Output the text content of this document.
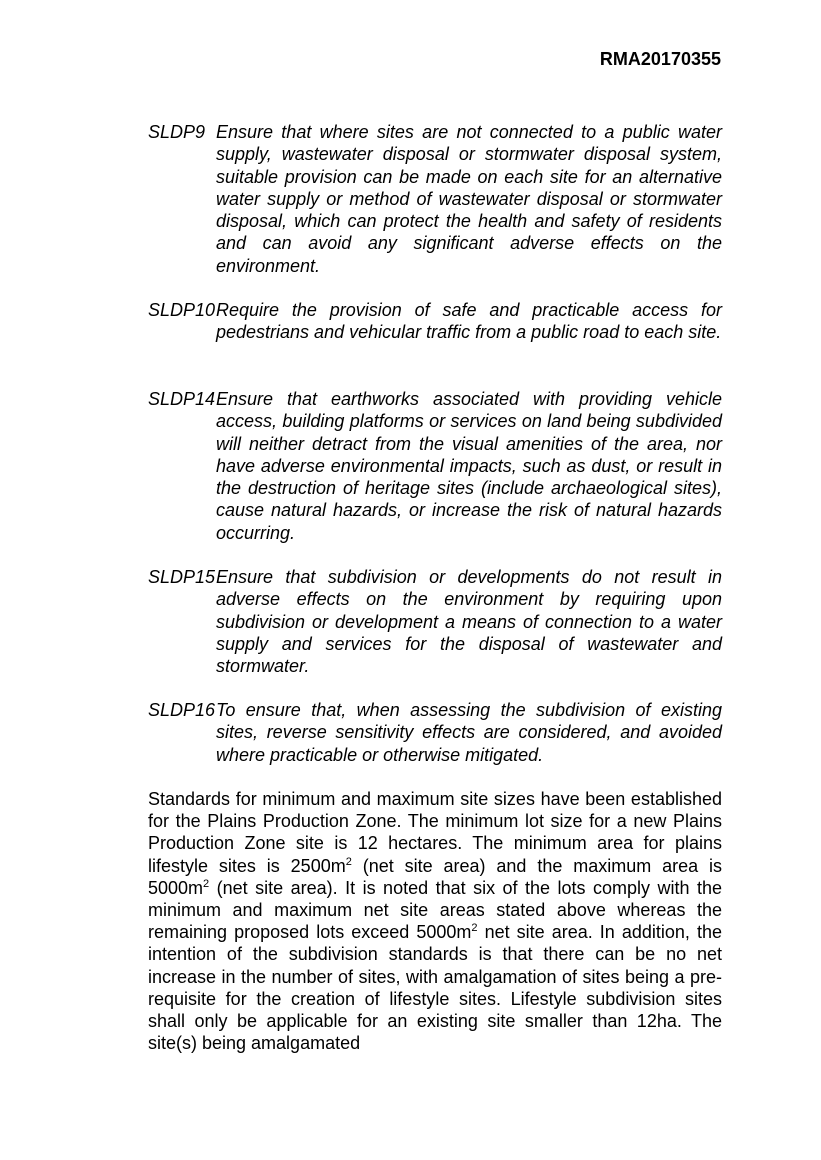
RMA20170355
SLDP9 Ensure that where sites are not connected to a public water supply, wastewater disposal or stormwater disposal system, suitable provision can be made on each site for an alternative water supply or method of wastewater disposal or stormwater disposal, which can protect the health and safety of residents and can avoid any significant adverse effects on the environment.
SLDP10 Require the provision of safe and practicable access for pedestrians and vehicular traffic from a public road to each site.
SLDP14 Ensure that earthworks associated with providing vehicle access, building platforms or services on land being subdivided will neither detract from the visual amenities of the area, nor have adverse environmental impacts, such as dust, or result in the destruction of heritage sites (include archaeological sites), cause natural hazards, or increase the risk of natural hazards occurring.
SLDP15 Ensure that subdivision or developments do not result in adverse effects on the environment by requiring upon subdivision or development a means of connection to a water supply and services for the disposal of wastewater and stormwater.
SLDP16 To ensure that, when assessing the subdivision of existing sites, reverse sensitivity effects are considered, and avoided where practicable or otherwise mitigated.
Standards for minimum and maximum site sizes have been established for the Plains Production Zone. The minimum lot size for a new Plains Production Zone site is 12 hectares. The minimum area for plains lifestyle sites is $2500m^2$ (net site area) and the maximum area is $5000m^2$ (net site area). It is noted that six of the lots comply with the minimum and maximum net site areas stated above whereas the remaining proposed lots exceed $5000m^2$ net site area. In addition, the intention of the subdivision standards is that there can be no net increase in the number of sites, with amalgamation of sites being a pre-requisite for the creation of lifestyle sites. Lifestyle subdivision sites shall only be applicable for an existing site smaller than 12ha. The site(s) being amalgamated
